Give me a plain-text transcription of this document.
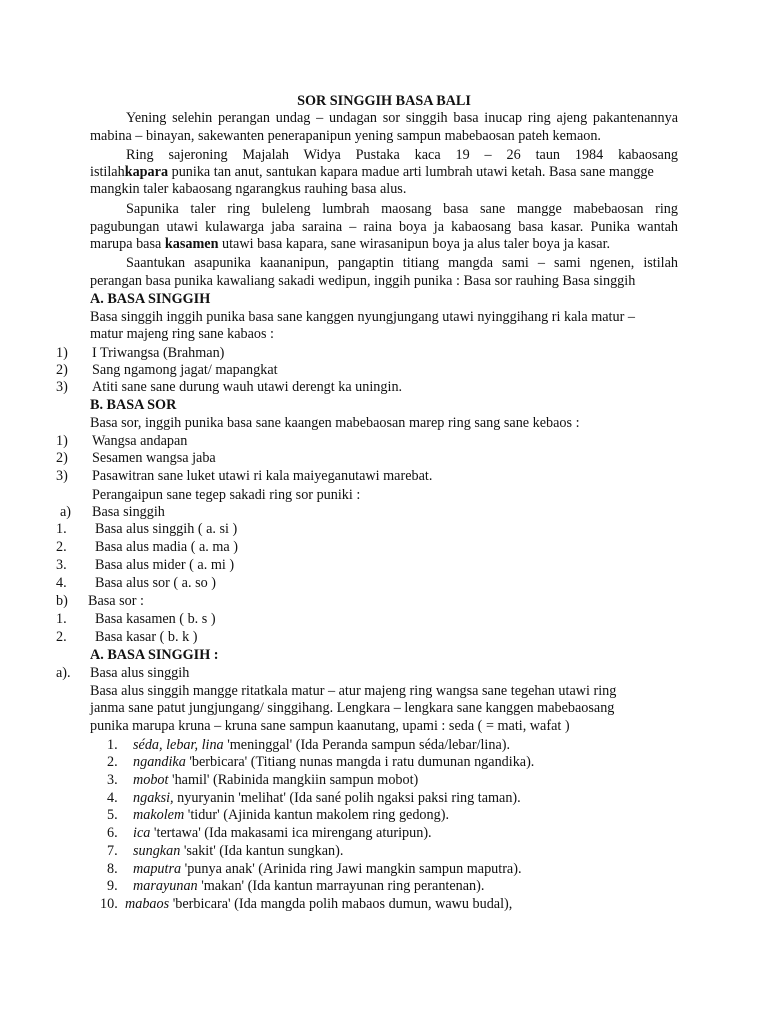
SOR SINGGIH BASA BALI
Yening selehin perangan undag – undagan sor singgih basa inucap ring ajeng pakantenannya
mabina – binayan, sakewanten penerapanipun yening sampun mabebaosan pateh kemaon.
Ring sajeroning Majalah Widya Pustaka kaca 19 – 26 taun 1984 kabaosang
istilahkapara punika tan anut, santukan kapara madue arti lumbrah utawi ketah. Basa sane mangge
mangkin taler kabaosang ngarangkus rauhing basa alus.
Sapunika taler ring buleleng lumbrah maosang basa sane mangge mabebaosan ring
pagubungan utawi kulawarga jaba saraina – raina boya ja kabaosang basa kasar. Punika wantah
marupa basa kasamen utawi basa kapara, sane wirasanipun boya ja alus taler boya ja kasar.
Saantukan asapunika kaananipun, pangaptin titiang mangda sami – sami ngenen, istilah
perangan basa punika kawaliang sakadi wedipun, inggih punika : Basa sor rauhing Basa singgih
A. BASA SINGGIH
Basa singgih inggih punika basa sane kanggen nyungjungang utawi nyinggihang ri kala matur –
matur majeng ring sane kabaos :
1) I Triwangsa (Brahman)
2) Sang ngamong jagat/ mapangkat
3) Atiti sane sane durung wauh utawi derengt ka uningin.
B. BASA SOR
Basa sor, inggih punika basa sane kaangen mabebaosan marep ring sang sane kebaos :
1) Wangsa andapan
2) Sesamen wangsa jaba
3) Pasawitran sane luket utawi ri kala maiyeganutawi marebat.
Perangaipun sane tegep sakadi ring sor puniki :
a) Basa singgih
1. Basa alus singgih ( a. si )
2. Basa alus madia ( a. ma )
3. Basa alus mider ( a. mi )
4. Basa alus sor ( a. so )
b) Basa sor :
1. Basa kasamen ( b. s )
2. Basa kasar ( b. k )
A. BASA SINGGIH :
a). Basa alus singgih
Basa alus singgih mangge ritatkala matur – atur majeng ring wangsa sane tegehan utawi ring
janma sane patut jungjungang/ singgihang. Lengkara – lengkara sane kanggen mabebaosang
punika marupa kruna – kruna sane sampun kaanutang, upami : seda ( = mati, wafat )
1. séda, lebar, lina 'meninggal' (Ida Peranda sampun séda/lebar/lina).
2. ngandika 'berbicara' (Titiang nunas mangda i ratu dumunan ngandika).
3. mobot 'hamil' (Rabinida mangkiin sampun mobot)
4. ngaksi, nyuryanin 'melihat' (Ida sané polih ngaksi paksi ring taman).
5. makolem 'tidur' (Ajinida kantun makolem ring gedong).
6. ica 'tertawa' (Ida makasami ica mirengang aturipun).
7. sungkan 'sakit' (Ida kantun sungkan).
8. maputra 'punya anak' (Arinida ring Jawi mangkin sampun maputra).
9. marayunan 'makan' (Ida kantun marrayunan ring perantenan).
10. mabaos 'berbicara' (Ida mangda polih mabaos dumun, wawu budal),
